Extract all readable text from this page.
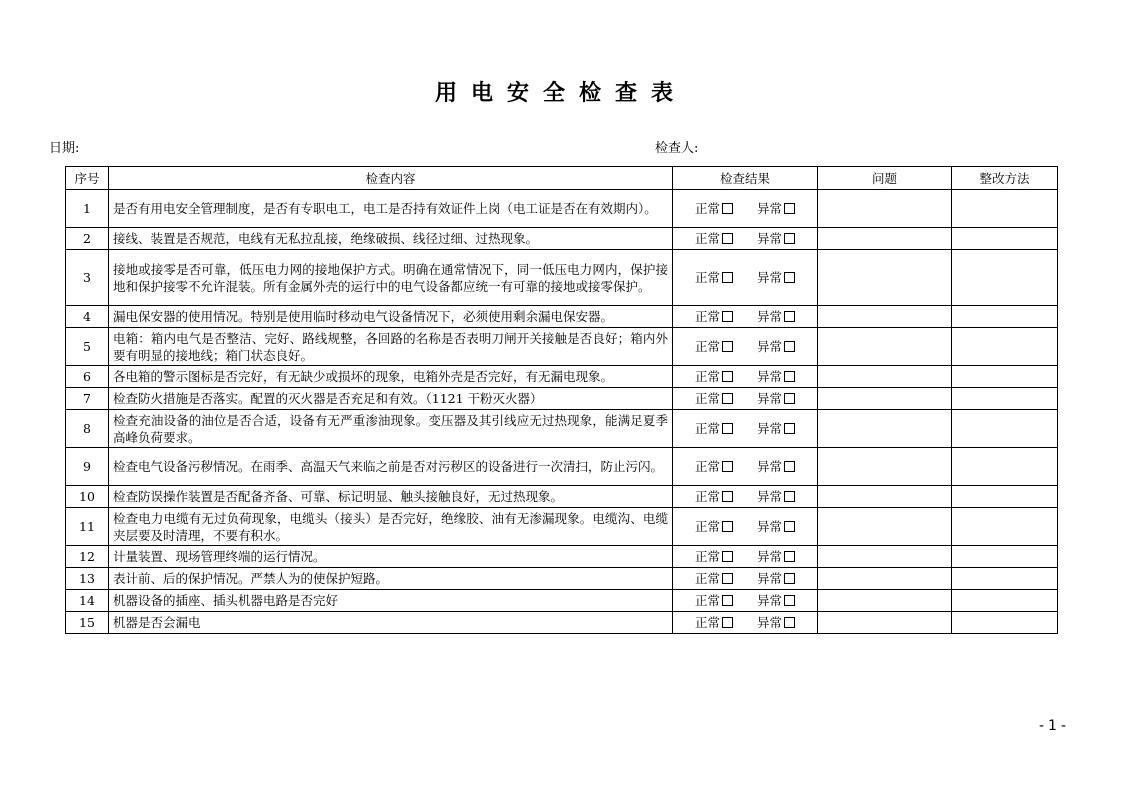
用电安全检查表
日期:	检查人:
序号	检查内容	检查结果	问题	整改方法
1	是否有用电安全管理制度，是否有专职电工，电工是否持有效证件上岗（电工证是否在有效期内）。	正常 异常		
2	接线、装置是否规范，电线有无私拉乱接，绝缘破损、线径过细、过热现象。	正常 异常		
3	接地或接零是否可靠，低压电力网的接地保护方式。明确在通常情况下，同一低压电力网内，保护接地和保护接零不允许混装。所有金属外壳的运行中的电气设备都应统一有可靠的接地或接零保护。	正常 异常		
4	漏电保安器的使用情况。特别是使用临时移动电气设备情况下，必须使用剩余漏电保安器。	正常 异常		
5	电箱：箱内电气是否整洁、完好、路线规整，各回路的名称是否表明刀闸开关接触是否良好；箱内外要有明显的接地线；箱门状态良好。	正常 异常		
6	各电箱的警示图标是否完好，有无缺少或损坏的现象，电箱外壳是否完好，有无漏电现象。	正常 异常		
7	检查防火措施是否落实。配置的灭火器是否充足和有效。（1121 干粉灭火器）	正常 异常		
8	检查充油设备的油位是否合适，设备有无严重渗油现象。变压器及其引线应无过热现象，能满足夏季高峰负荷要求。	正常 异常		
9	检查电气设备污秽情况。在雨季、高温天气来临之前是否对污秽区的设备进行一次清扫，防止污闪。	正常 异常		
10	检查防误操作装置是否配备齐备、可靠、标记明显、触头接触良好，无过热现象。	正常 异常		
11	检查电力电缆有无过负荷现象，电缆头（接头）是否完好，绝缘胶、油有无渗漏现象。电缆沟、电缆夹层要及时清理，不要有积水。	正常 异常		
12	计量装置、现场管理终端的运行情况。	正常 异常		
13	表计前、后的保护情况。严禁人为的使保护短路。	正常 异常		
14	机器设备的插座、插头机器电路是否完好	正常 异常		
15	机器是否会漏电	正常 异常		
-1-
